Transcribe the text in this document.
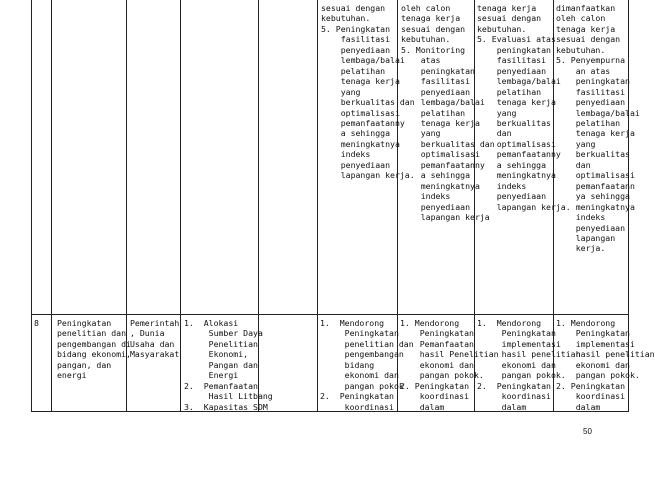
sesuai dengan
kebutuhan.
5. Peningkatan
fasilitasi
penyediaan
lembaga/balai
pelatihan
tenaga kerja
yang
berkualitas dan
optimalisasi
pemanfaatanny
a sehingga
meningkatnya
indeks
penyediaan
lapangan kerja.
oleh calon
tenaga kerja
sesuai dengan
kebutuhan.
5. Monitoring
atas
peningkatan
fasilitasi
penyediaan
lembaga/balai
pelatihan
tenaga kerja
yang
berkualitas dan
optimalisasi
pemanfaatanny
a sehingga
meningkatnya
indeks
penyediaan
lapangan kerja
tenaga kerja
sesuai dengan
kebutuhan.
5. Evaluasi atas
peningkatan
fasilitasi
penyediaan
lembaga/balai
pelatihan
tenaga kerja
yang
berkualitas
dan
optimalisasi
pemanfaatanny
a sehingga
meningkatnya
indeks
penyediaan
lapangan kerja.
dimanfaatkan
oleh calon
tenaga kerja
sesuai dengan
kebutuhan.
5. Penyempurna
an atas
peningkatan
fasilitasi
penyediaan
lembaga/balai
pelatihan
tenaga kerja
yang
berkualitas
dan
optimalisasi
pemanfaatann
ya sehingga
meningkatnya
indeks
penyediaan
lapangan
kerja.
8 Peningkatan
penelitian dan
pengembangan di
bidang ekonomi,
pangan, dan
energi
Pemerintah
, Dunia
Usaha dan
Masyarakat
1.  Alokasi
Sumber Daya
Penelitian
Ekonomi,
Pangan dan
Energi
2.  Pemanfaatan
Hasil Litbang
3.  Kapasitas SDM
1.  Mendorong
Peningkatan
penelitian dan
pengembangan
bidang
ekonomi dan
pangan pokok
2.  Peningkatan
koordinasi
1. Mendorong
Peningkatan
Pemanfaatan
hasil Penelitian
ekonomi dan
pangan pokok.
2. Peningkatan
koordinasi
dalam
1.  Mendorong
Peningkatan
implementasi
hasil penelitian
ekonomi dan
pangan pokok.
2.  Peningkatan
koordinasi
dalam
1. Mendorong
Peningkatan
implementasi
hasil penelitian
ekonomi dan
pangan pokok.
2. Peningkatan
koordinasi
dalam
50
